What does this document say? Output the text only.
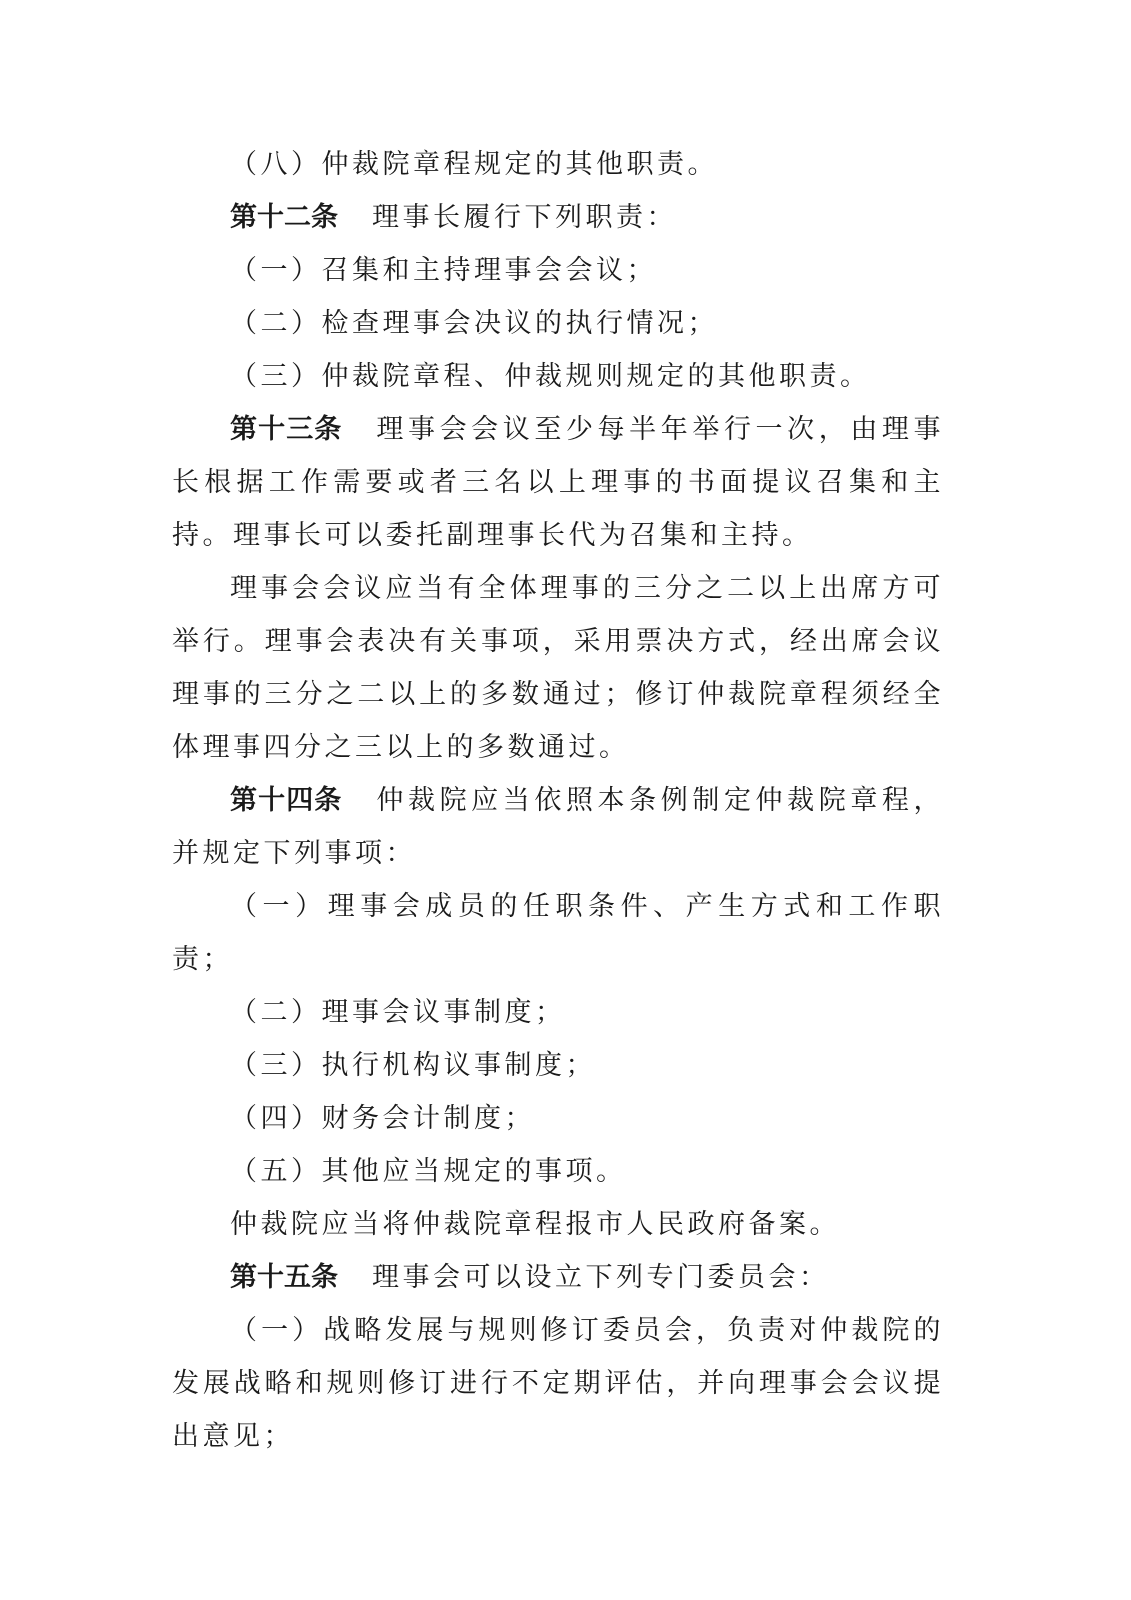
（八）仲裁院章程规定的其他职责。

第十二条 理事长履行下列职责：

（一）召集和主持理事会会议；

（二）检查理事会决议的执行情况；

（三）仲裁院章程、仲裁规则规定的其他职责。

第十三条 理事会会议至少每半年举行一次，由理事长根据工作需要或者三名以上理事的书面提议召集和主持。理事长可以委托副理事长代为召集和主持。

理事会会议应当有全体理事的三分之二以上出席方可举行。理事会表决有关事项，采用票决方式，经出席会议理事的三分之二以上的多数通过；修订仲裁院章程须经全体理事四分之三以上的多数通过。

第十四条 仲裁院应当依照本条例制定仲裁院章程，并规定下列事项：

（一）理事会成员的任职条件、产生方式和工作职责；

（二）理事会议事制度；

（三）执行机构议事制度；

（四）财务会计制度；

（五）其他应当规定的事项。

仲裁院应当将仲裁院章程报市人民政府备案。

第十五条 理事会可以设立下列专门委员会：

（一）战略发展与规则修订委员会，负责对仲裁院的发展战略和规则修订进行不定期评估，并向理事会会议提出意见；
